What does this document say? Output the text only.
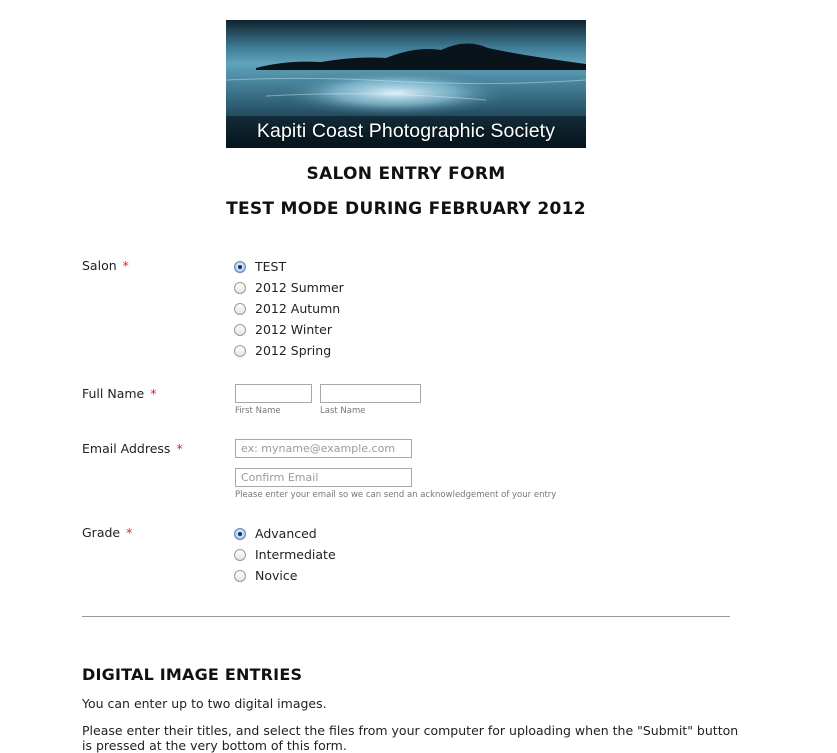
Kapiti Coast Photographic Society
SALON ENTRY FORM
TEST MODE DURING FEBRUARY 2012
Salon *	TEST
2012 Summer
2012 Autumn
2012 Winter
2012 Spring
Full Name *
First Name	Last Name
Email Address *
ex: myname@example.com
Confirm Email
Please enter your email so we can send an acknowledgement of your entry
Grade *	Advanced
Intermediate
Novice
DIGITAL IMAGE ENTRIES
You can enter up to two digital images.
Please enter their titles, and select the files from your computer for uploading when the "Submit" button is pressed at the very bottom of this form.
